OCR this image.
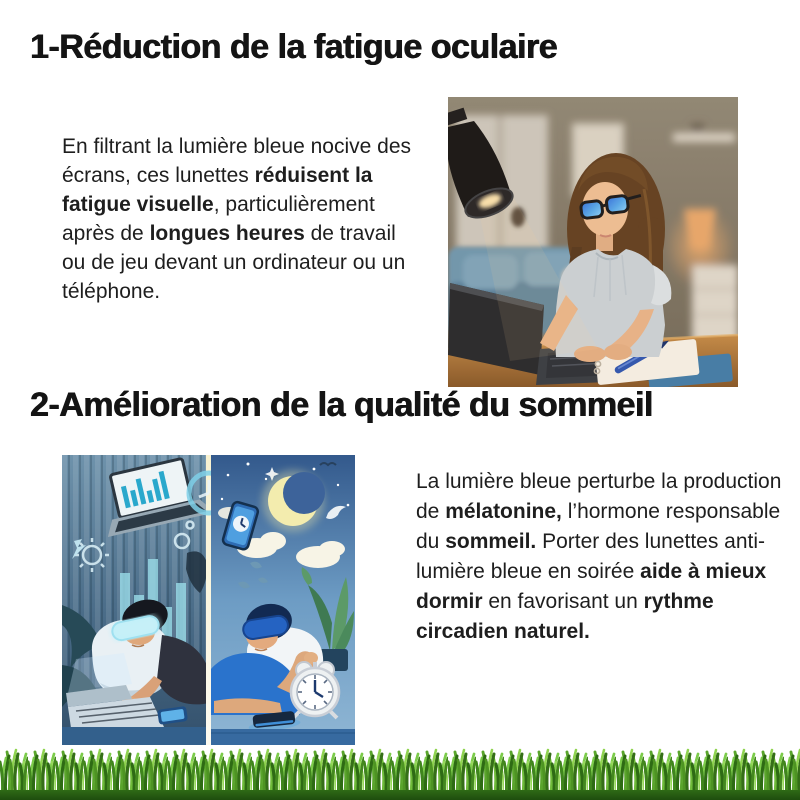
1-Réduction de la fatigue oculaire

En filtrant la lumière bleue nocive des écrans, ces lunettes réduisent la fatigue visuelle, particulièrement après de longues heures de travail ou de jeu devant un ordinateur ou un téléphone.

2-Amélioration de la qualité du sommeil

La lumière bleue perturbe la production de mélatonine, l’hormone responsable du sommeil. Porter des lunettes anti-lumière bleue en soirée aide à mieux dormir en favorisant un rythme circadien naturel.
